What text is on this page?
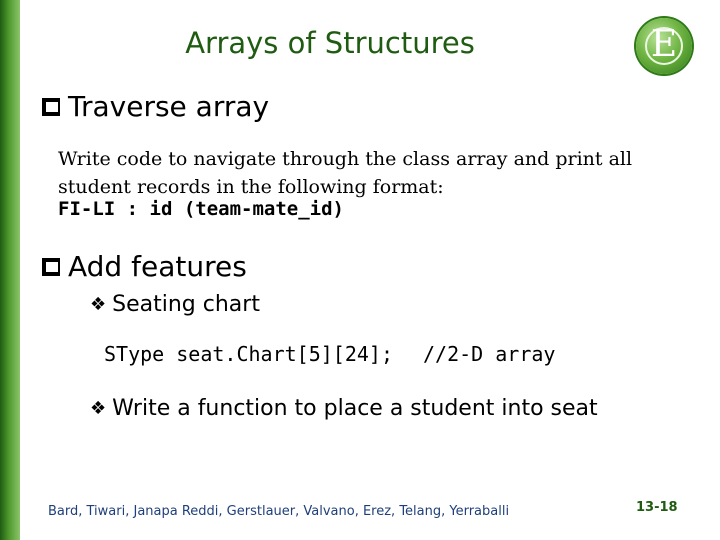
Arrays of Structures	E
Traverse array
Write code to navigate through the class array and print all student records in the following format:
FI-LI : id (team-mate_id)
Add features
❖ Seating chart
SType seat.Chart[5][24]; //2-D array
❖ Write a function to place a student into seat
Bard, Tiwari, Janapa Reddi, Gerstlauer, Valvano, Erez, Telang, Yerraballi	13-18
